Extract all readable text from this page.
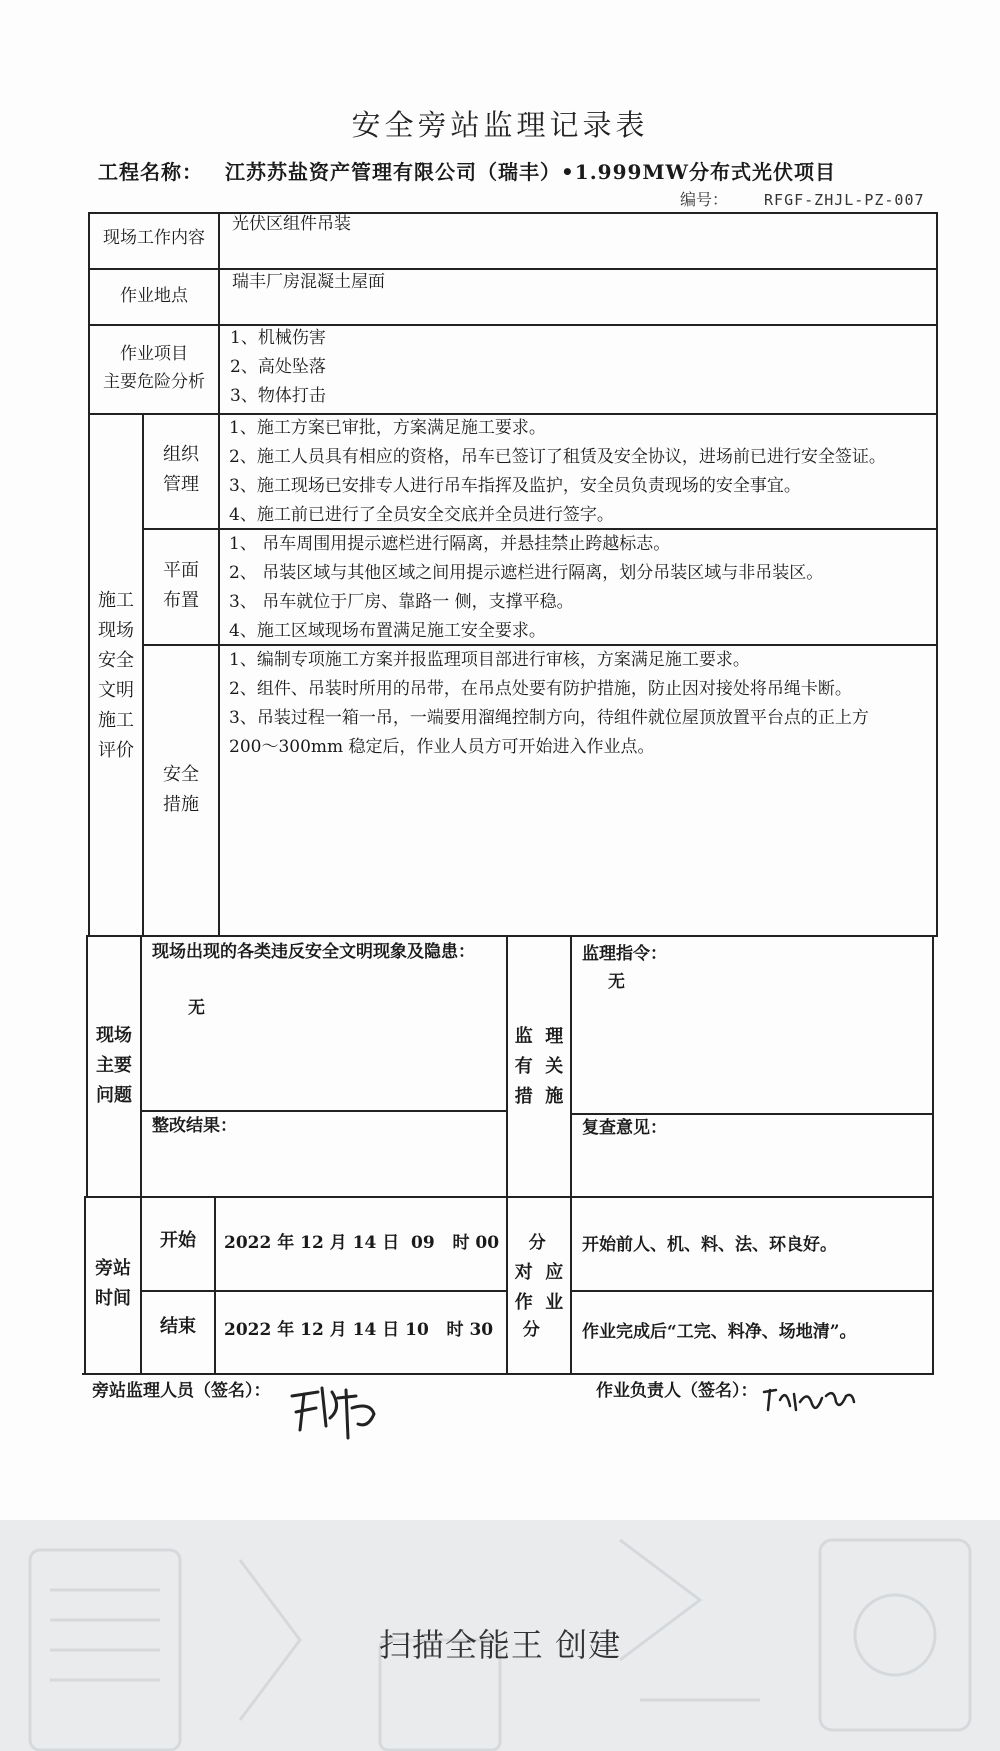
安全旁站监理记录表
工程名称： 江苏苏盐资产管理有限公司（瑞丰）•1.999MW分布式光伏项目
编号： RFGF-ZHJL-PZ-007
现场工作内容
光伏区组件吊装
作业地点
瑞丰厂房混凝土屋面
作业项目
主要危险分析
1、机械伤害
2、高处坠落
3、物体打击
施工
现场
安全
文明
施工
评价
组织
管理
1、施工方案已审批，方案满足施工要求。
2、施工人员具有相应的资格，吊车已签订了租赁及安全协议，进场前已进行安全签证。
3、施工现场已安排专人进行吊车指挥及监护，安全员负责现场的安全事宜。
4、施工前已进行了全员安全交底并全员进行签字。
平面
布置
1、 吊车周围用提示遮栏进行隔离，并悬挂禁止跨越标志。
2、 吊装区域与其他区域之间用提示遮栏进行隔离，划分吊装区域与非吊装区。
3、 吊车就位于厂房、靠路一 侧，支撑平稳。
4、施工区域现场布置满足施工安全要求。
安全
措施
1、编制专项施工方案并报监理项目部进行审核，方案满足施工要求。
2、组件、吊装时所用的吊带，在吊点处要有防护措施，防止因对接处将吊绳卡断。
3、吊装过程一箱一吊，一端要用溜绳控制方向，待组件就位屋顶放置平台点的正上方
200～300mm 稳定后，作业人员方可开始进入作业点。
现场
主要
问题
现场出现的各类违反安全文明现象及隐患：
无
整改结果：
监  理
有  关
措  施
监理指令：
无
复查意见：
旁站
时间
开始 2022 年 12 月 14 日  09   时 00     分
结束 2022 年 12 月 14 日 10   时 30     分
对  应
作  业
开始前人、机、料、法、环良好。
作业完成后“工完、料净、场地清”。
旁站监理人员（签名）：	作业负责人（签名）：
扫描全能王 创建
